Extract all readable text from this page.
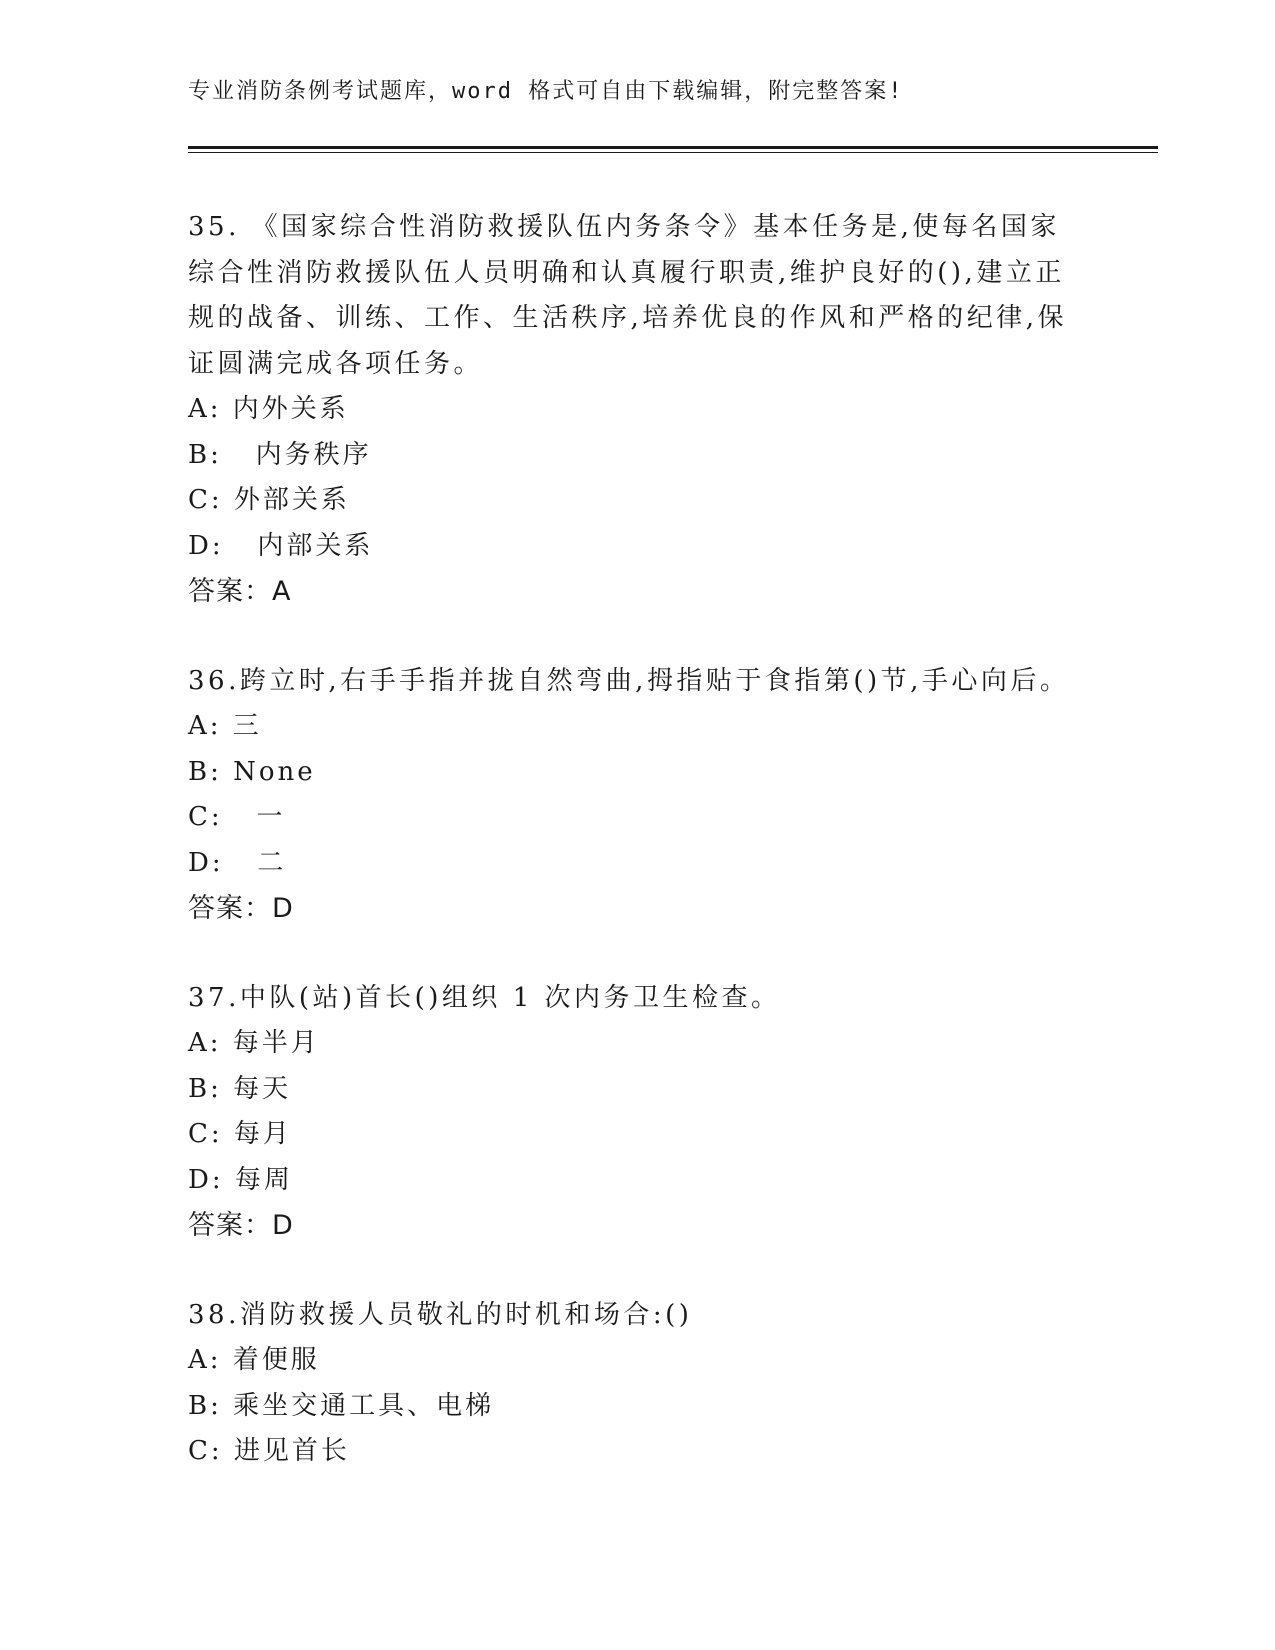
专业消防条例考试题库，word 格式可自由下载编辑，附完整答案!
35. 《国家综合性消防救援队伍内务条令》基本任务是,使每名国家综合性消防救援队伍人员明确和认真履行职责,维护良好的(),建立正 规的战备、训练、工作、生活秩序,培养优良的作风和严格的纪律,保证圆满完成各项任务。
A: 内外关系
B:   内务秩序
C: 外部关系
D:   内部关系
答案：A
36.跨立时,右手手指并拢自然弯曲,拇指贴于食指第()节,手心向后。
A: 三
B: None
C:   一
D:   二
答案：D
37.中队(站)首长()组织 1 次内务卫生检查。
A: 每半月
B: 每天
C: 每月
D: 每周
答案：D
38.消防救援人员敬礼的时机和场合:()
A: 着便服
B: 乘坐交通工具、电梯
C: 进见首长
